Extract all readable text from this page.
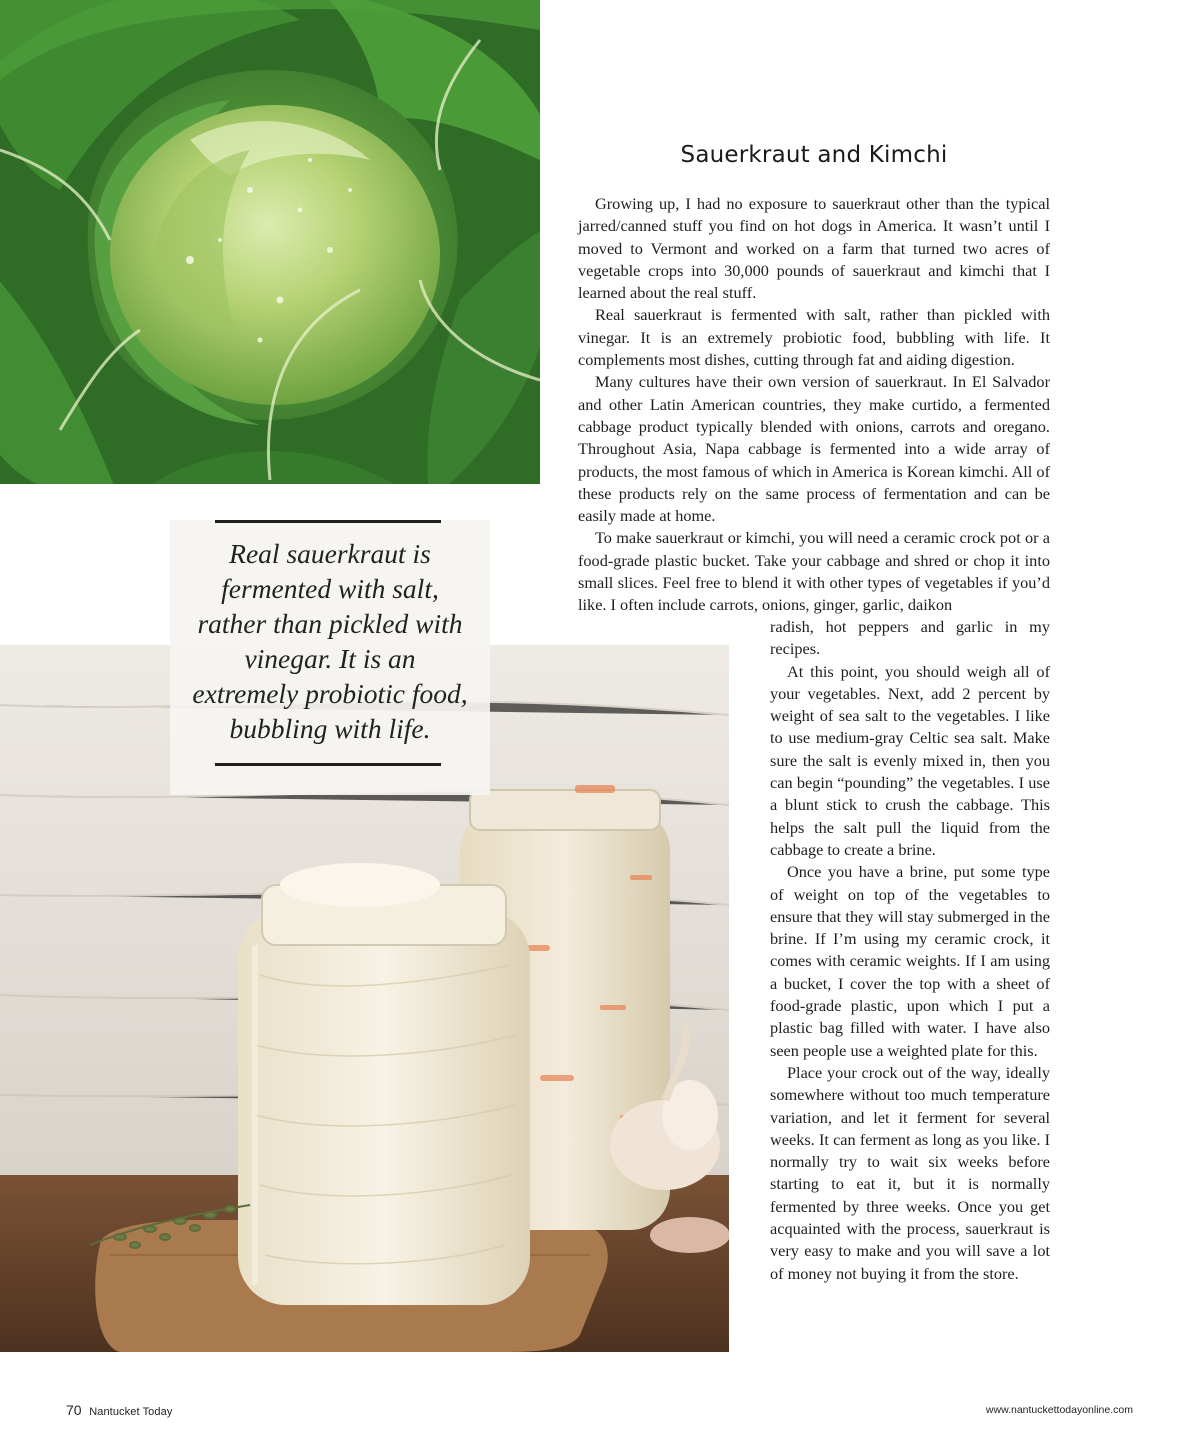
Real sauerkraut is
fermented with salt,
rather than pickled with
vinegar. It is an
extremely probiotic food,
bubbling with life.
Sauerkraut and Kimchi

Growing up, I had no exposure to sauerkraut other than the typical jarred/canned stuff you find on hot dogs in America. It wasn’t until I moved to Vermont and worked on a farm that turned two acres of vegetable crops into 30,000 pounds of sauerkraut and kimchi that I learned about the real stuff.

Real sauerkraut is fermented with salt, rather than pickled with vinegar. It is an extremely probiotic food, bubbling with life. It complements most dishes, cutting through fat and aiding digestion.

Many cultures have their own version of sauerkraut. In El Salvador and other Latin American countries, they make curtido, a fermented cabbage product typically blended with onions, carrots and oregano. Throughout Asia, Napa cabbage is fermented into a wide array of products, the most famous of which in America is Korean kimchi. All of these products rely on the same process of fermentation and can be easily made at home.

To make sauerkraut or kimchi, you will need a ceramic crock pot or a food-grade plastic bucket. Take your cabbage and shred or chop it into small slices. Feel free to blend it with other types of vegetables if you’d like. I often include carrots, onions, ginger, garlic, daikon

radish, hot peppers and garlic in my recipes.

At this point, you should weigh all of your vegetables. Next, add 2 percent by weight of sea salt to the vegetables. I like to use medium-gray Celtic sea salt. Make sure the salt is evenly mixed in, then you can begin “pounding” the vegetables. I use a blunt stick to crush the cabbage. This helps the salt pull the liquid from the cabbage to create a brine.

Once you have a brine, put some type of weight on top of the vegetables to ensure that they will stay submerged in the brine. If I’m using my ceramic crock, it comes with ceramic weights. If I am using a bucket, I cover the top with a sheet of food-grade plastic, upon which I put a plastic bag filled with water. I have also seen people use a weighted plate for this.

Place your crock out of the way, ideally somewhere without too much temperature variation, and let it ferment for several weeks. It can ferment as long as you like. I normally try to wait six weeks before starting to eat it, but it is normally fermented by three weeks. Once you get acquainted with the process, sauerkraut is very easy to make and you will save a lot of money not buying it from the store.

70 Nantucket Today	www.nantuckettodayonline.com
